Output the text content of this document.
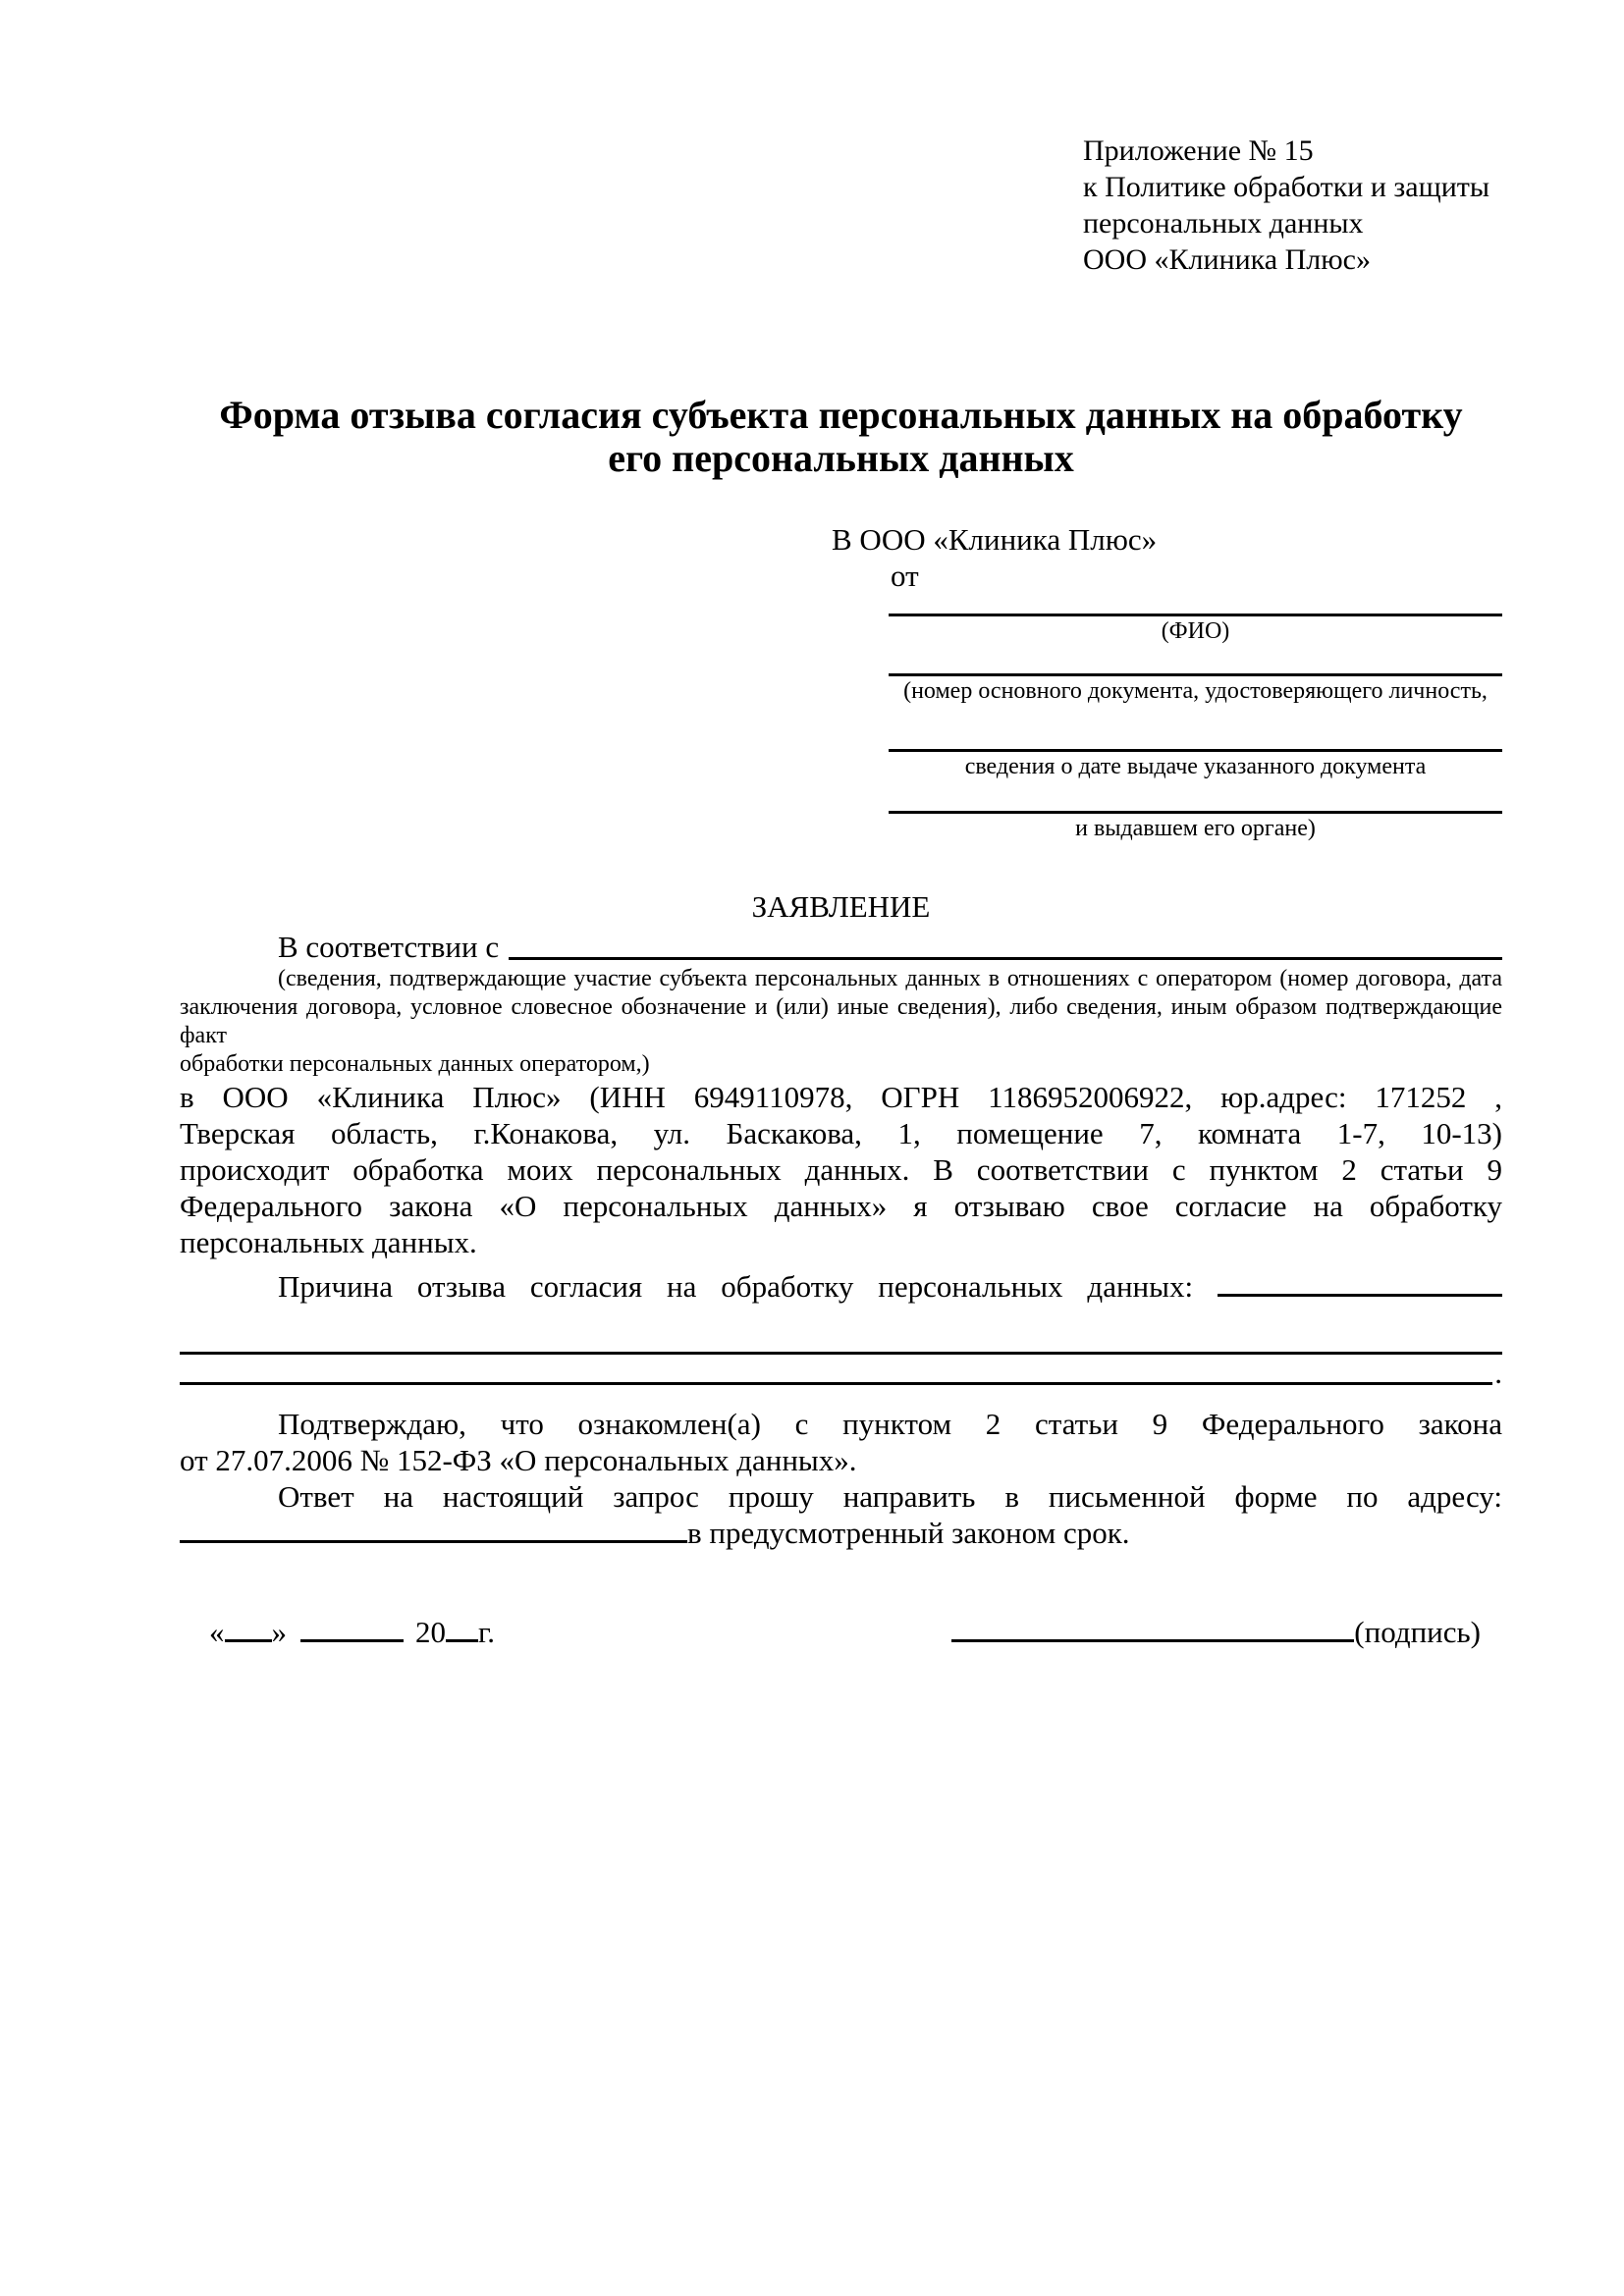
Приложение № 15
к Политике обработки и защиты
персональных данных
ООО «Клиника Плюс»
Форма отзыва согласия субъекта персональных данных на обработку
его персональных данных
В ООО «Клиника Плюс»
от
(ФИО)
(номер основного документа, удостоверяющего личность,
сведения о дате выдаче указанного документа
и выдавшем его органе)
ЗАЯВЛЕНИЕ
В соответствии с
(сведения, подтверждающие участие субъекта персональных данных в отношениях с оператором (номер договора, дата
заключения договора, условное словесное обозначение и (или) иные сведения), либо сведения, иным образом подтверждающие факт
обработки персональных данных оператором,)
в ООО «Клиника Плюс» (ИНН 6949110978, ОГРН 1186952006922, юр.адрес: 171252 ,
Тверская область, г.Конакова, ул. Баскакова, 1, помещение 7, комната 1-7, 10-13)
происходит обработка моих персональных данных. В соответствии с пунктом 2 статьи 9
Федерального закона «О персональных данных» я отзываю свое согласие на обработку
персональных данных.
Причина отзыва согласия на обработку персональных данных:
.
Подтверждаю, что ознакомлен(а) с пунктом 2 статьи 9 Федерального закона
от 27.07.2006 № 152-ФЗ «О персональных данных».
Ответ на настоящий запрос прошу направить в письменной форме по адресу:
в предусмотренный законом срок.
« »	20 г.	(подпись)
